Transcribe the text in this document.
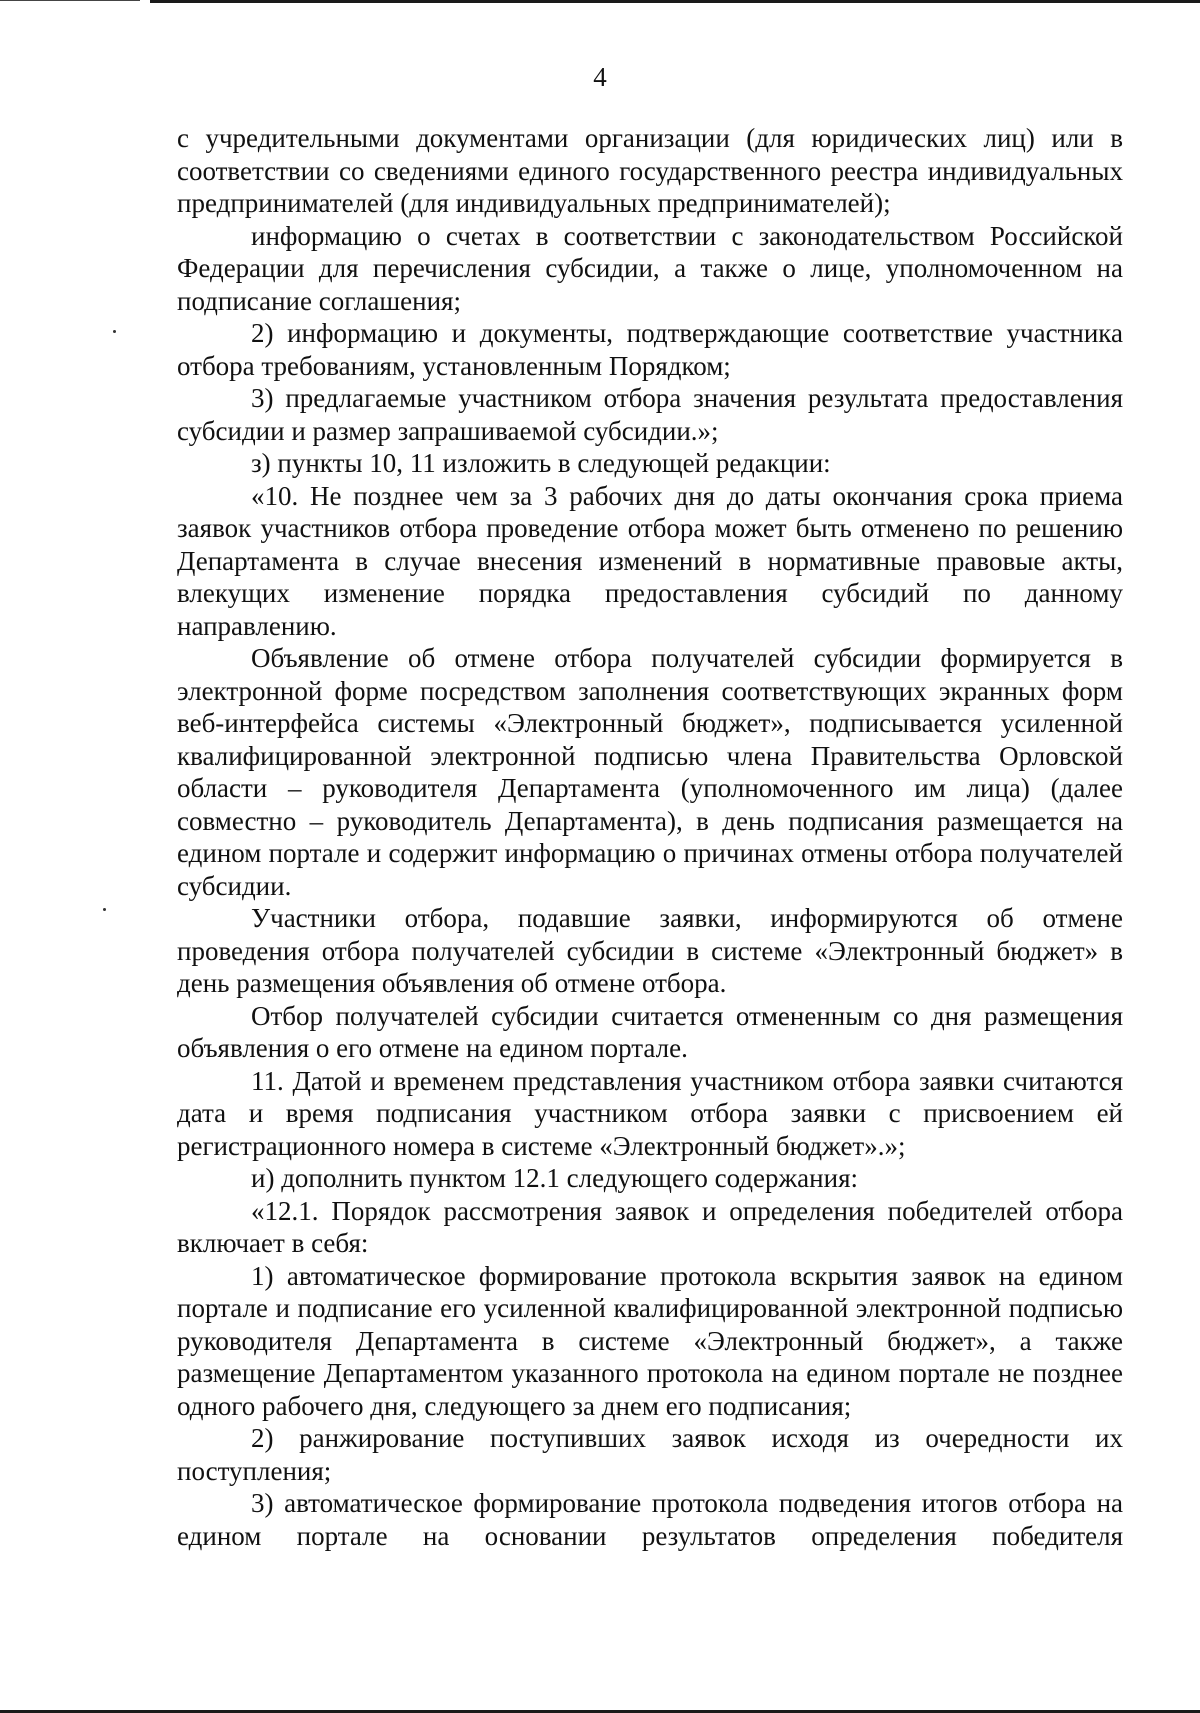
4

с учредительными документами организации (для юридических лиц) или в соответствии со сведениями единого государственного реестра индивидуальных предпринимателей (для индивидуальных предпринимателей);

информацию о счетах в соответствии с законодательством Российской Федерации для перечисления субсидии, а также о лице, уполномоченном на подписание соглашения;

2) информацию и документы, подтверждающие соответствие участника отбора требованиям, установленным Порядком;

3) предлагаемые участником отбора значения результата предоставления субсидии и размер запрашиваемой субсидии.»;

з) пункты 10, 11 изложить в следующей редакции:

«10. Не позднее чем за 3 рабочих дня до даты окончания срока приема заявок участников отбора проведение отбора может быть отменено по решению Департамента в случае внесения изменений в нормативные правовые акты, влекущих изменение порядка предоставления субсидий по данному направлению.

Объявление об отмене отбора получателей субсидии формируется в электронной форме посредством заполнения соответствующих экранных форм веб-интерфейса системы «Электронный бюджет», подписывается усиленной квалифицированной электронной подписью члена Правительства Орловской области – руководителя Департамента (уполномоченного им лица) (далее совместно – руководитель Департамента), в день подписания размещается на едином портале и содержит информацию о причинах отмены отбора получателей субсидии.

Участники отбора, подавшие заявки, информируются об отмене проведения отбора получателей субсидии в системе «Электронный бюджет» в день размещения объявления об отмене отбора.

Отбор получателей субсидии считается отмененным со дня размещения объявления о его отмене на едином портале.

11. Датой и временем представления участником отбора заявки считаются дата и время подписания участником отбора заявки с присвоением ей регистрационного номера в системе «Электронный бюджет».»;

и) дополнить пунктом 12.1 следующего содержания:

«12.1. Порядок рассмотрения заявок и определения победителей отбора включает в себя:

1) автоматическое формирование протокола вскрытия заявок на едином портале и подписание его усиленной квалифицированной электронной подписью руководителя Департамента в системе «Электронный бюджет», а также размещение Департаментом указанного протокола на едином портале не позднее одного рабочего дня, следующего за днем его подписания;

2) ранжирование поступивших заявок исходя из очередности их поступления;

3) автоматическое формирование протокола подведения итогов отбора на едином портале на основании результатов определения победителя
